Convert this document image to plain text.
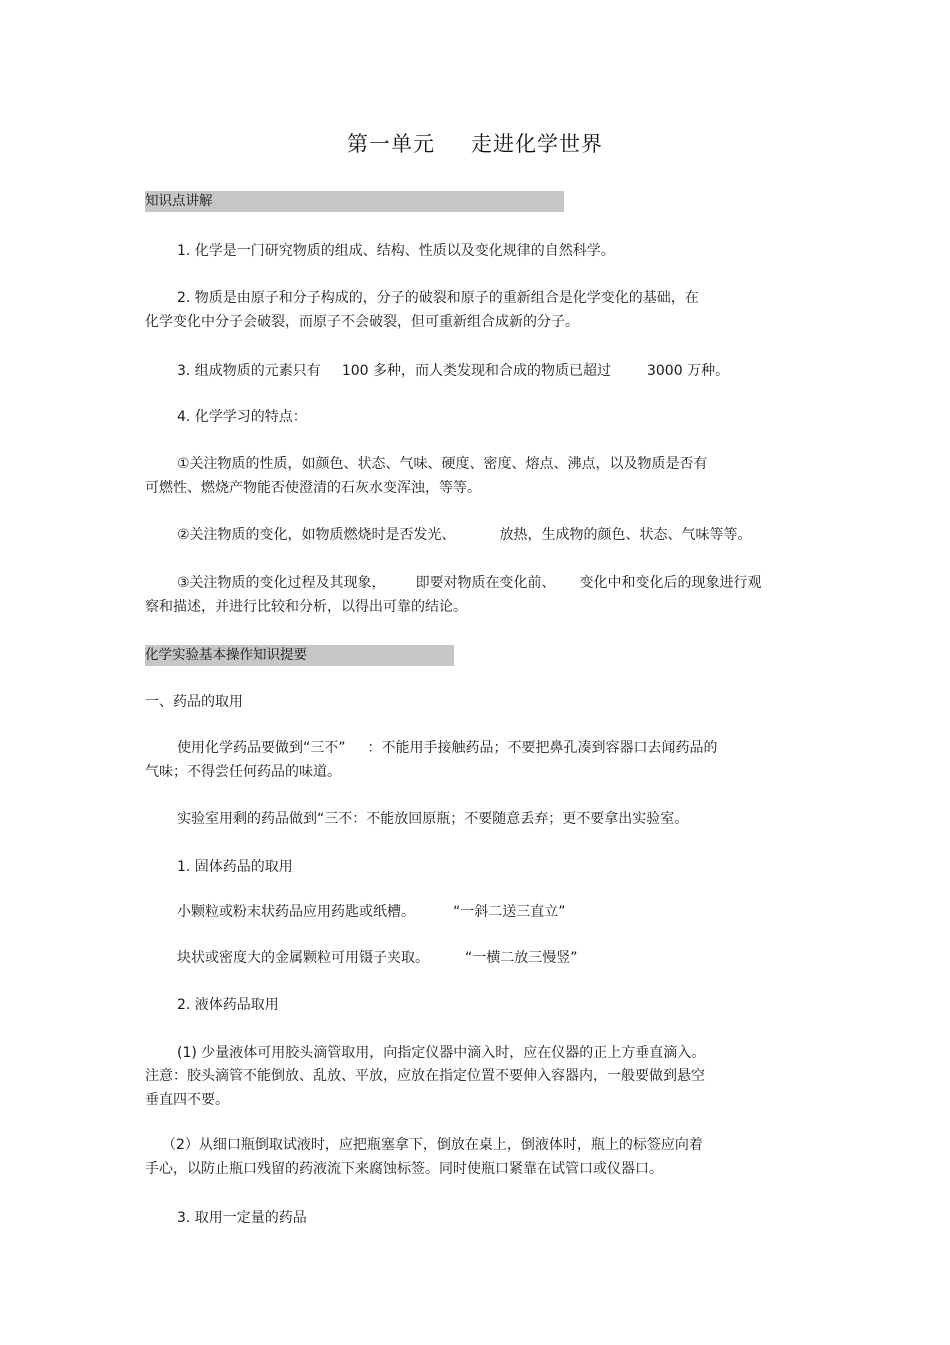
第一单元 走进化学世界
知识点讲解
1. 化学是一门研究物质的组成、结构、性质以及变化规律的自然科学。
2. 物质是由原子和分子构成的，分子的破裂和原子的重新组合是化学变化的基础，在
化学变化中分子会破裂，而原子不会破裂，但可重新组合成新的分子。
3. 组成物质的元素只有 100 多种，而人类发现和合成的物质已超过	3000 万种。
4. 化学学习的特点：
①关注物质的性质，如颜色、状态、气味、硬度、密度、熔点、沸点，以及物质是否有
可燃性、燃烧产物能否使澄清的石灰水变浑浊，等等。
②关注物质的变化，如物质燃烧时是否发光、	放热，生成物的颜色、状态、气味等等。
③关注物质的变化过程及其现象， 即要对物质在变化前、 变化中和变化后的现象进行观
察和描述，并进行比较和分析，以得出可靠的结论。
化学实验基本操作知识提要
一、药品的取用
使用化学药品要做到“三不” ：不能用手接触药品；不要把鼻孔凑到容器口去闻药品的
气味；不得尝任何药品的味道。
实验室用剩的药品做到“三不：不能放回原瓶；不要随意丢弃；更不要拿出实验室。
1. 固体药品的取用
小颗粒或粉末状药品应用药匙或纸槽。	“一斜二送三直立”
块状或密度大的金属颗粒可用镊子夹取。	“一横二放三慢竖”
2. 液体药品取用
(1) 少量液体可用胶头滴管取用，向指定仪器中滴入时，应在仪器的正上方垂直滴入。
注意：胶头滴管不能倒放、乱放、平放，应放在指定位置不要伸入容器内，一般要做到悬空
垂直四不要。
（2）从细口瓶倒取试液时，应把瓶塞拿下，倒放在桌上，倒液体时，瓶上的标签应向着
手心，以防止瓶口残留的药液流下来腐蚀标签。同时使瓶口紧靠在试管口或仪器口。
3. 取用一定量的药品
